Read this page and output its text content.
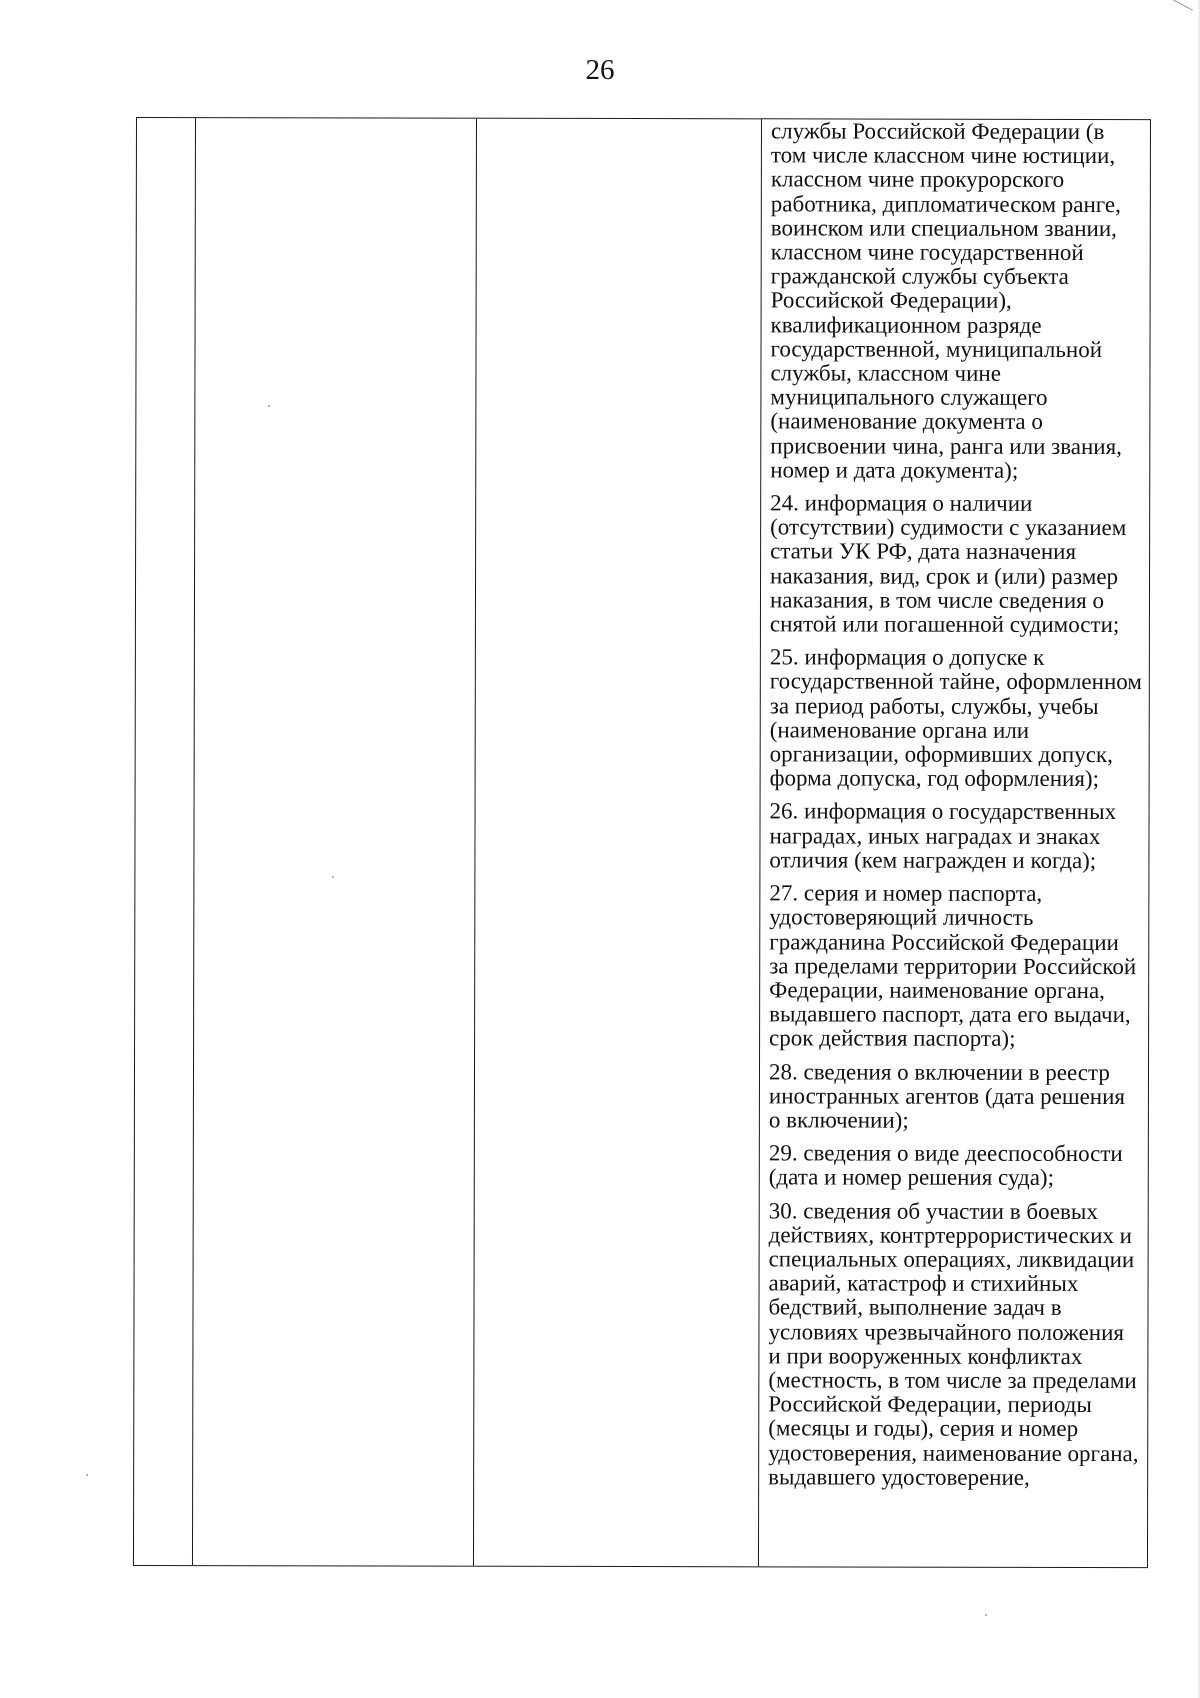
26

службы Российской Федерации (в том числе классном чине юстиции, классном чине прокурорского работника, дипломатическом ранге, воинском или специальном звании, классном чине государственной гражданской службы субъекта Российской Федерации), квалификационном разряде государственной, муниципальной службы, классном чине муниципального служащего (наименование документа о присвоении чина, ранга или звания, номер и дата документа);

24. информация о наличии (отсутствии) судимости с указанием статьи УК РФ, дата назначения наказания, вид, срок и (или) размер наказания, в том числе сведения о снятой или погашенной судимости;

25. информация о допуске к государственной тайне, оформленном за период работы, службы, учебы (наименование органа или организации, оформивших допуск, форма допуска, год оформления);

26. информация о государственных наградах, иных наградах и знаках отличия (кем награжден и когда);

27. серия и номер паспорта, удостоверяющий личность гражданина Российской Федерации за пределами территории Российской Федерации, наименование органа, выдавшего паспорт, дата его выдачи, срок действия паспорта);

28. сведения о включении в реестр иностранных агентов (дата решения о включении);

29. сведения о виде дееспособности (дата и номер решения суда);

30. сведения об участии в боевых действиях, контртеррористических и специальных операциях, ликвидации аварий, катастроф и стихийных бедствий, выполнение задач в условиях чрезвычайного положения и при вооруженных конфликтах (местность, в том числе за пределами Российской Федерации, периоды (месяцы и годы), серия и номер удостоверения, наименование органа, выдавшего удостоверение,
